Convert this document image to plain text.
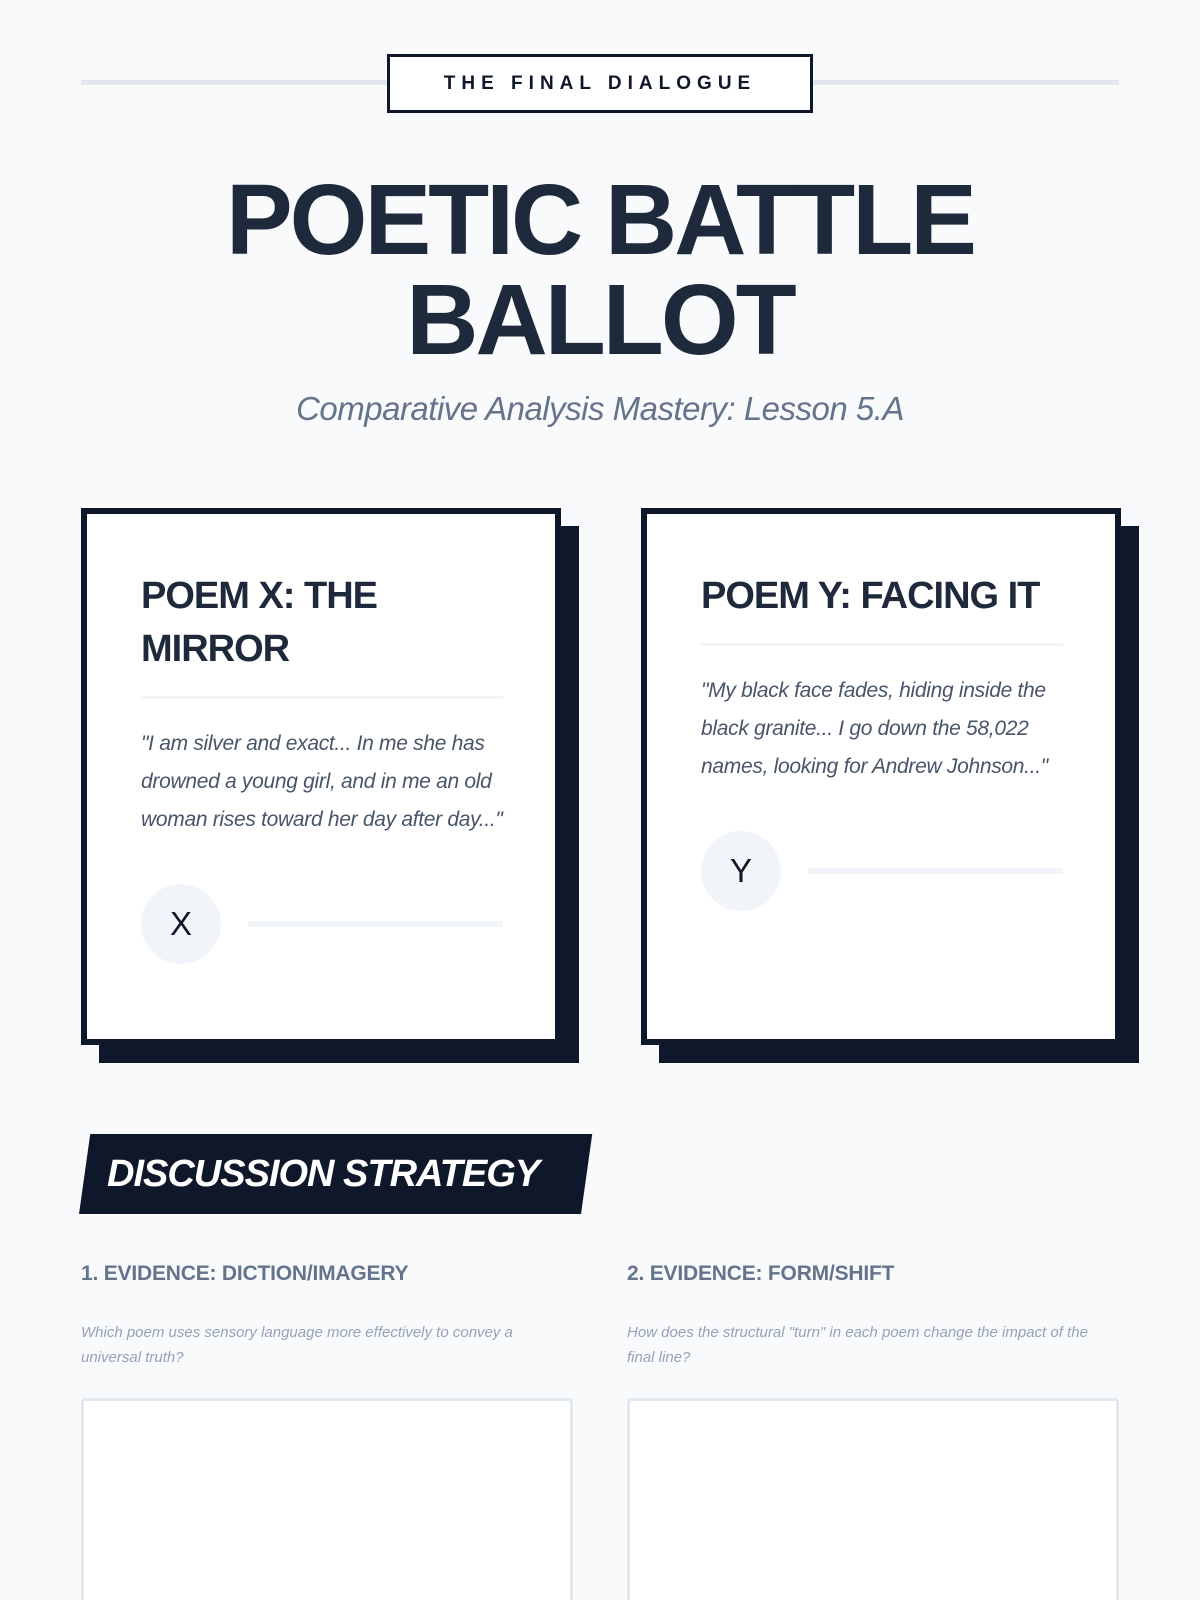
THE FINAL DIALOGUE
POETIC BATTLE
BALLOT
Comparative Analysis Mastery: Lesson 5.A
POEM X: THE MIRROR

"I am silver and exact... In me she has drowned a young girl, and in me an old woman rises toward her day after day..."

X
POEM Y: FACING IT

"My black face fades, hiding inside the black granite... I go down the 58,022 names, looking for Andrew Johnson..."

Y
DISCUSSION STRATEGY
1. EVIDENCE: DICTION/IMAGERY
Which poem uses sensory language more effectively to convey a universal truth?
2. EVIDENCE: FORM/SHIFT
How does the structural "turn" in each poem change the impact of the final line?
